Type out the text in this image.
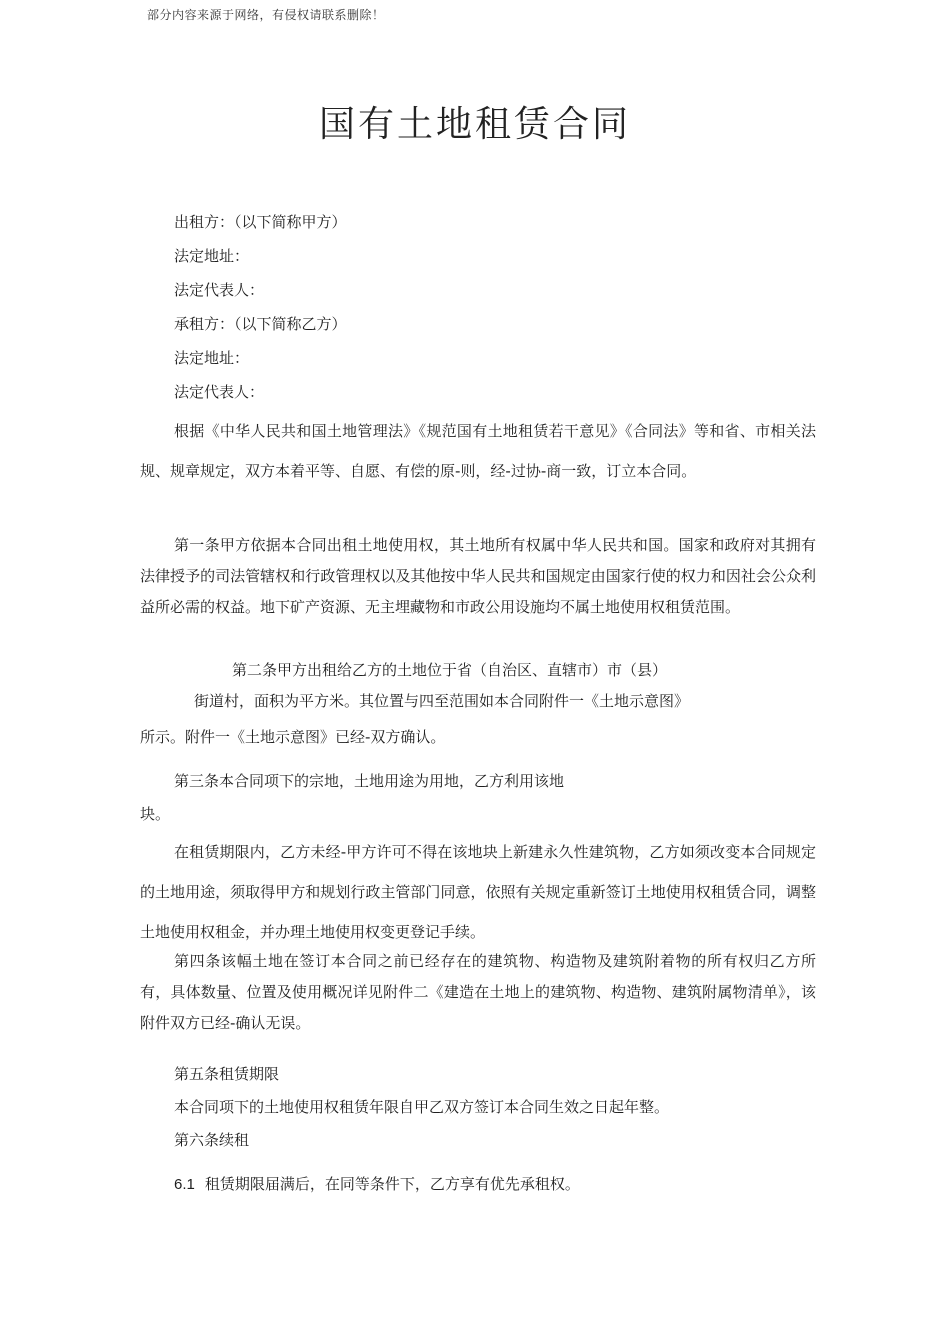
部分内容来源于网络，有侵权请联系删除！
国有土地租赁合同
出租方：（以下简称甲方）
法定地址：
法定代表人：
承租方：（以下简称乙方）
法定地址：
法定代表人：

根据《中华人民共和国土地管理法》《规范国有土地租赁若干意见》《合同法》等和省、市相关法规、规章规定，双方本着平等、自愿、有偿的原-则，经-过协-商一致，订立本合同。

第一条甲方依据本合同出租土地使用权，其土地所有权属中华人民共和国。国家和政府对其拥有法律授予的司法管辖权和行政管理权以及其他按中华人民共和国规定由国家行使的权力和因社会公众利益所必需的权益。地下矿产资源、无主埋藏物和市政公用设施均不属土地使用权租赁范围。

第二条甲方出租给乙方的土地位于省（自治区、直辖市）市（县）
街道村，面积为平方米。其位置与四至范围如本合同附件一《土地示意图》
所示。附件一《土地示意图》已经-双方确认。
第三条本合同项下的宗地，土地用途为用地，乙方利用该地
块。

在租赁期限内，乙方未经-甲方许可不得在该地块上新建永久性建筑物，乙方如须改变本合同规定的土地用途，须取得甲方和规划行政主管部门同意，依照有关规定重新签订土地使用权租赁合同，调整土地使用权租金，并办理土地使用权变更登记手续。

第四条该幅土地在签订本合同之前已经存在的建筑物、构造物及建筑附着物的所有权归乙方所有，具体数量、位置及使用概况详见附件二《建造在土地上的建筑物、构造物、建筑附属物清单》，该附件双方已经-确认无误。

第五条租赁期限
本合同项下的土地使用权租赁年限自甲乙双方签订本合同生效之日起年整。
第六条续租
6.1 租赁期限届满后，在同等条件下，乙方享有优先承租权。
